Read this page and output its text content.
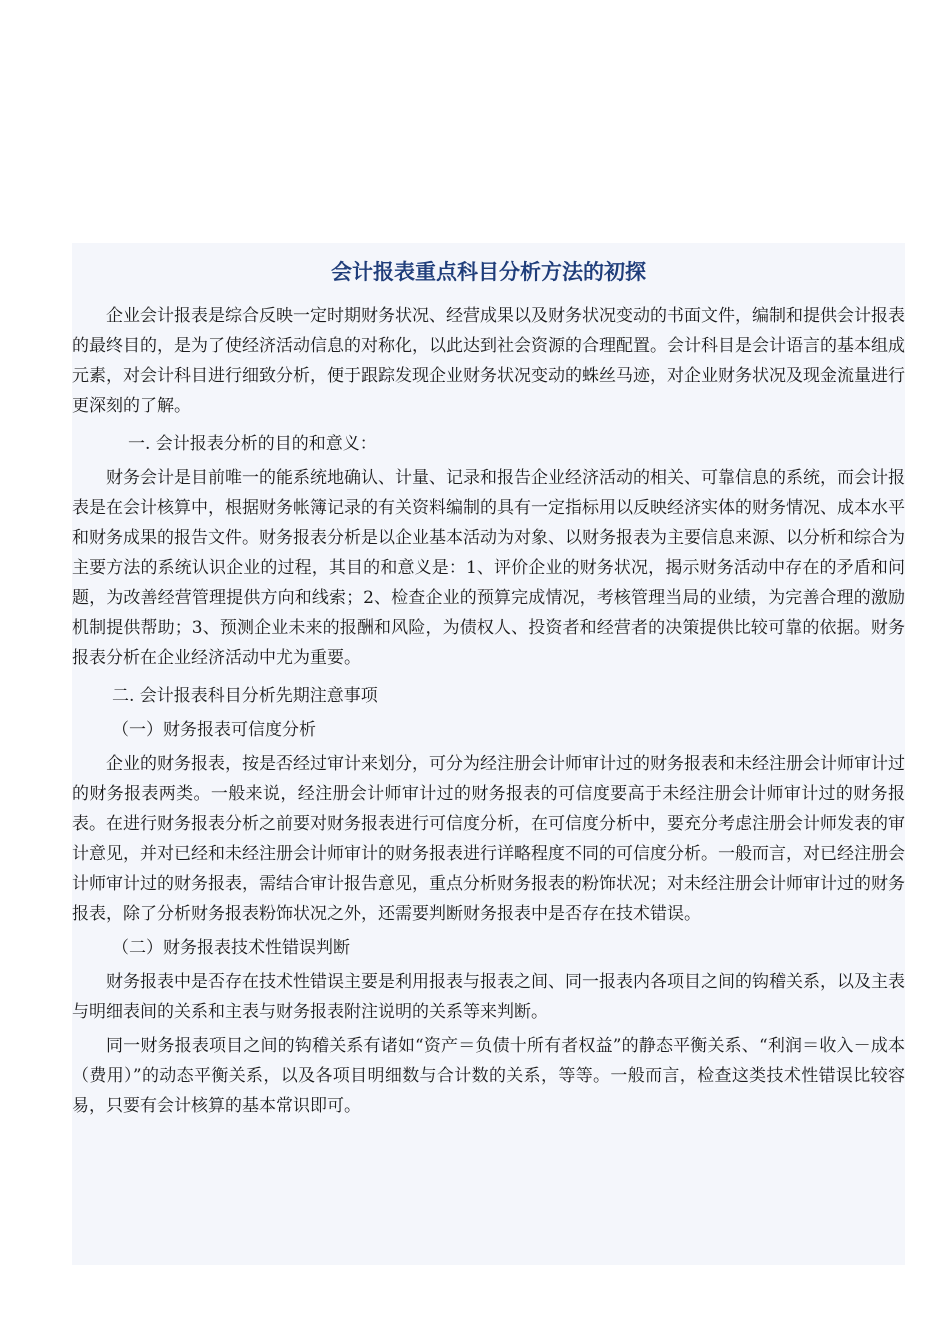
会计报表重点科目分析方法的初探

企业会计报表是综合反映一定时期财务状况、经营成果以及财务状况变动的书面文件，编制和提供会计报表的最终目的，是为了使经济活动信息的对称化，以此达到社会资源的合理配置。会计科目是会计语言的基本组成元素，对会计科目进行细致分析，便于跟踪发现企业财务状况变动的蛛丝马迹，对企业财务状况及现金流量进行更深刻的了解。

一. 会计报表分析的目的和意义：

财务会计是目前唯一的能系统地确认、计量、记录和报告企业经济活动的相关、可靠信息的系统，而会计报表是在会计核算中，根据财务帐簿记录的有关资料编制的具有一定指标用以反映经济实体的财务情况、成本水平和财务成果的报告文件。财务报表分析是以企业基本活动为对象、以财务报表为主要信息来源、以分析和综合为主要方法的系统认识企业的过程，其目的和意义是：1、评价企业的财务状况，揭示财务活动中存在的矛盾和问题，为改善经营管理提供方向和线索；2、检查企业的预算完成情况，考核管理当局的业绩，为完善合理的激励机制提供帮助；3、预测企业未来的报酬和风险，为债权人、投资者和经营者的决策提供比较可靠的依据。财务报表分析在企业经济活动中尤为重要。

二. 会计报表科目分析先期注意事项

（一）财务报表可信度分析

企业的财务报表，按是否经过审计来划分，可分为经注册会计师审计过的财务报表和未经注册会计师审计过的财务报表两类。一般来说，经注册会计师审计过的财务报表的可信度要高于未经注册会计师审计过的财务报表。在进行财务报表分析之前要对财务报表进行可信度分析，在可信度分析中，要充分考虑注册会计师发表的审计意见，并对已经和未经注册会计师审计的财务报表进行详略程度不同的可信度分析。一般而言，对已经注册会计师审计过的财务报表，需结合审计报告意见，重点分析财务报表的粉饰状况；对未经注册会计师审计过的财务报表，除了分析财务报表粉饰状况之外，还需要判断财务报表中是否存在技术错误。

（二）财务报表技术性错误判断

财务报表中是否存在技术性错误主要是利用报表与报表之间、同一报表内各项目之间的钩稽关系，以及主表与明细表间的关系和主表与财务报表附注说明的关系等来判断。

同一财务报表项目之间的钩稽关系有诸如“资产＝负债十所有者权益”的静态平衡关系、“利润＝收入－成本（费用）”的动态平衡关系，以及各项目明细数与合计数的关系，等等。一般而言，检查这类技术性错误比较容易，只要有会计核算的基本常识即可。
